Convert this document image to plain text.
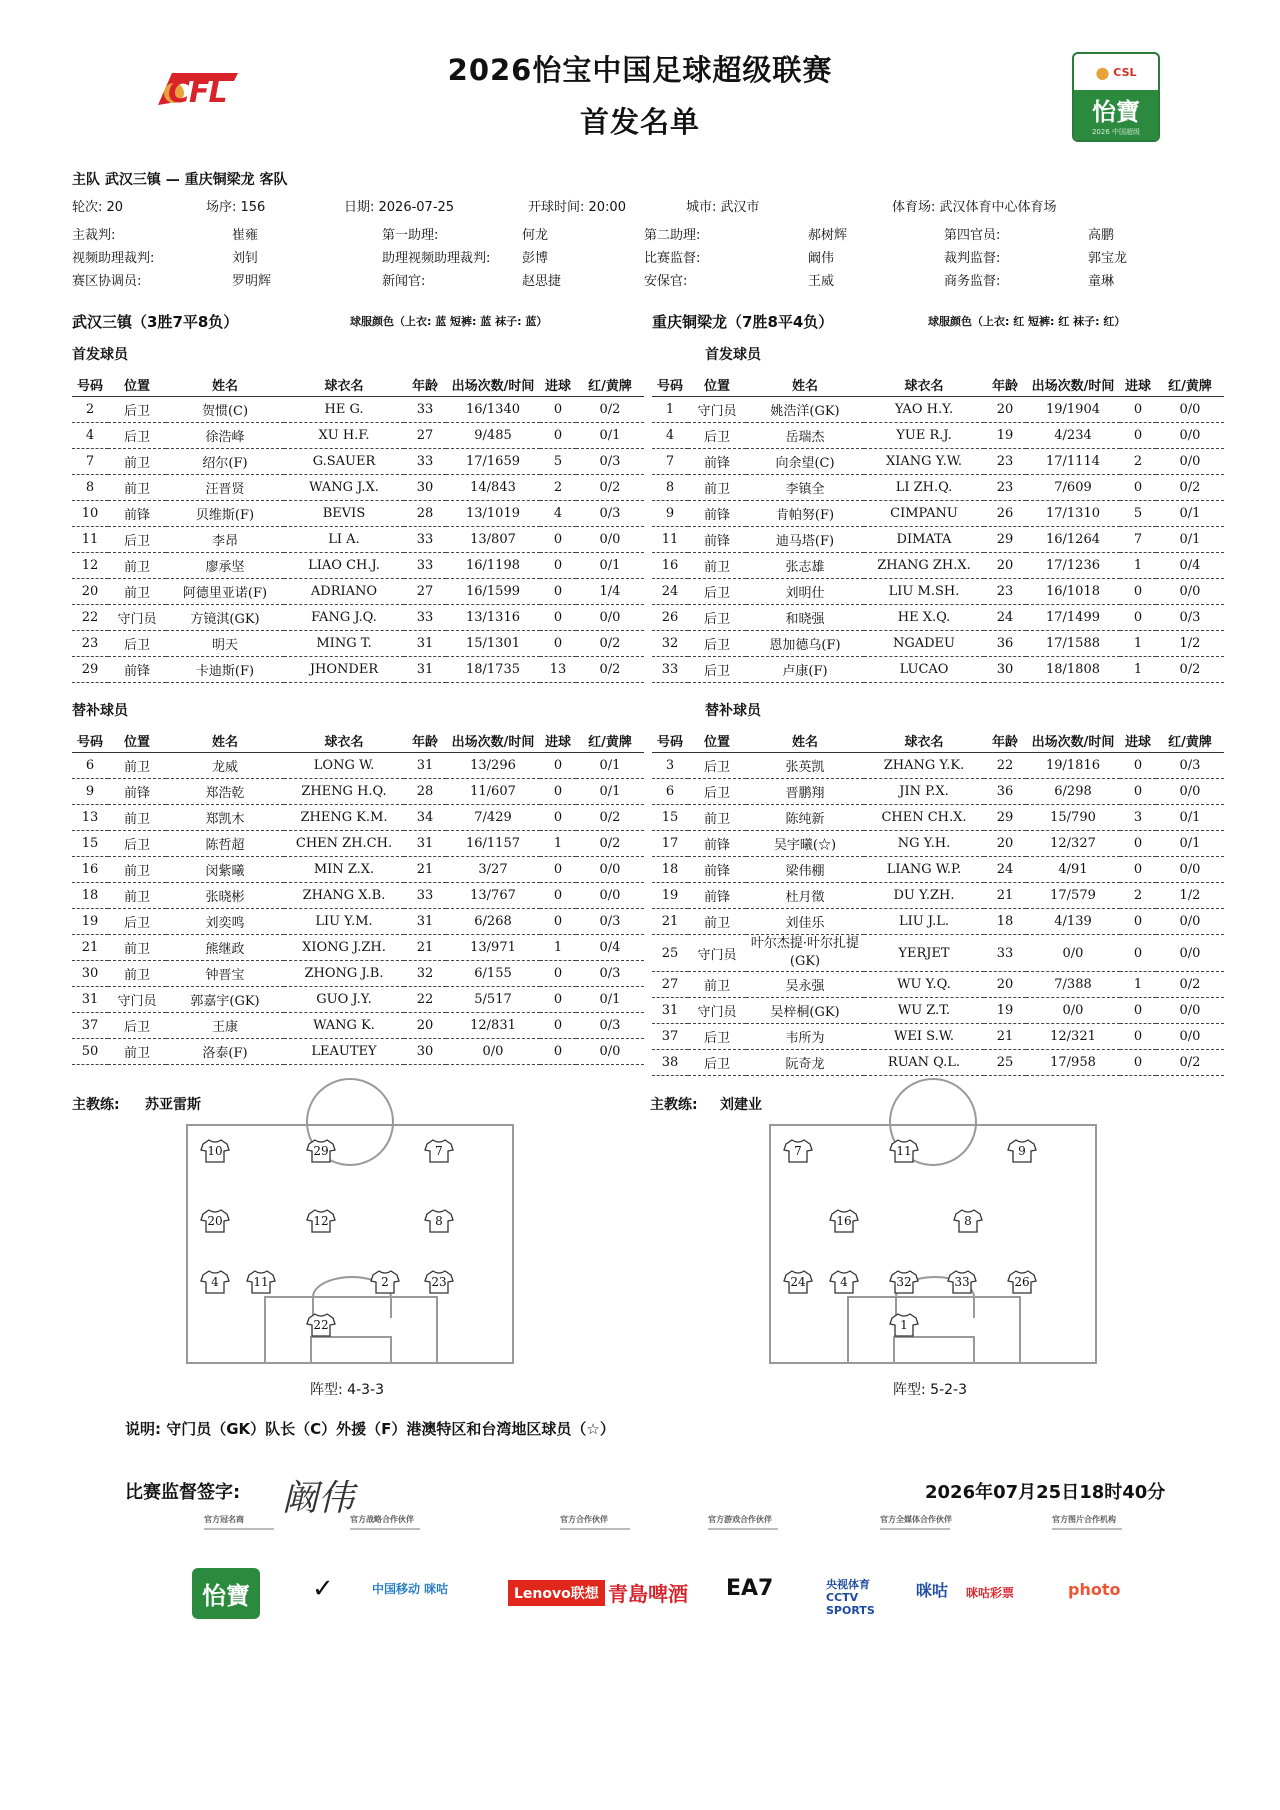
CFL
2026怡宝中国足球超级联赛
首发名单
●
CSL
怡寶
2026 中国超级
主队 武汉三镇 — 重庆铜梁龙 客队
轮次: 20	场序: 156	日期: 2026-07-25	开球时间: 20:00	城市: 武汉市	体育场: 武汉体育中心体育场
主裁判:	崔雍	第一助理:	何龙	第二助理:	郝树辉	第四官员:	高鹏
视频助理裁判:	刘钊	助理视频助理裁判: 彭博	比赛监督:	阚伟	裁判监督:	郭宝龙
赛区协调员:	罗明辉	新闻官:	赵思捷	安保官:	王威	商务监督:	童琳
武汉三镇（3胜7平8负）	球服颜色（上衣: 蓝 短裤: 蓝 袜子: 蓝）	重庆铜梁龙（7胜8平4负）	球服颜色（上衣: 红 短裤: 红 袜子: 红）
首发球员	首发球员
号码	位置	姓名	球衣名	年龄	出场次数/时间	进球	红/黄牌
2	后卫	贺惯(C)	HE G.	33	16/1340	0	0/2
4	后卫	徐浩峰	XU H.F.	27	9/485	0	0/1
7	前卫	绍尔(F)	G.SAUER	33	17/1659	5	0/3
8	前卫	汪晋贤	WANG J.X.	30	14/843	2	0/2
10	前锋	贝维斯(F)	BEVIS	28	13/1019	4	0/3
11	后卫	李昂	LI A.	33	13/807	0	0/0
12	前卫	廖承坚	LIAO CH.J.	33	16/1198	0	0/1
20	前卫	阿德里亚诺(F)	ADRIANO	27	16/1599	0	1/4
22	守门员	方镜淇(GK)	FANG J.Q.	33	13/1316	0	0/0
23	后卫	明天	MING T.	31	15/1301	0	0/2
29	前锋	卡迪斯(F)	JHONDER	31	18/1735	13	0/2
号码	位置	姓名	球衣名	年龄	出场次数/时间	进球	红/黄牌
1	守门员	姚浩洋(GK)	YAO H.Y.	20	19/1904	0	0/0
4	后卫	岳瑞杰	YUE R.J.	19	4/234	0	0/0
7	前锋	向余望(C)	XIANG Y.W.	23	17/1114	2	0/0
8	前卫	李镇全	LI ZH.Q.	23	7/609	0	0/2
9	前锋	肯帕努(F)	CIMPANU	26	17/1310	5	0/1
11	前锋	迪马塔(F)	DIMATA	29	16/1264	7	0/1
16	前卫	张志雄	ZHANG ZH.X.	20	17/1236	1	0/4
24	后卫	刘明仕	LIU M.SH.	23	16/1018	0	0/0
26	后卫	和晓强	HE X.Q.	24	17/1499	0	0/3
32	后卫	恩加德乌(F)	NGADEU	36	17/1588	1	1/2
33	后卫	卢康(F)	LUCAO	30	18/1808	1	0/2
替补球员	替补球员
号码	位置	姓名	球衣名	年龄	出场次数/时间	进球	红/黄牌
6	前卫	龙威	LONG W.	31	13/296	0	0/1
9	前锋	郑浩乾	ZHENG H.Q.	28	11/607	0	0/1
13	前卫	郑凯木	ZHENG K.M.	34	7/429	0	0/2
15	后卫	陈哲超	CHEN ZH.CH.	31	16/1157	1	0/2
16	前卫	闵紫曦	MIN Z.X.	21	3/27	0	0/0
18	前卫	张晓彬	ZHANG X.B.	33	13/767	0	0/0
19	后卫	刘奕鸣	LIU Y.M.	31	6/268	0	0/3
21	前卫	熊继政	XIONG J.ZH.	21	13/971	1	0/4
30	前卫	钟晋宝	ZHONG J.B.	32	6/155	0	0/3
31	守门员	郭嘉宇(GK)	GUO J.Y.	22	5/517	0	0/1
37	后卫	王康	WANG K.	20	12/831	0	0/3
50	前卫	洛泰(F)	LEAUTEY	30	0/0	0	0/0
号码	位置	姓名	球衣名	年龄	出场次数/时间	进球	红/黄牌
3	后卫	张英凯	ZHANG Y.K.	22	19/1816	0	0/3
6	后卫	晋鹏翔	JIN P.X.	36	6/298	0	0/0
15	前卫	陈纯新	CHEN CH.X.	29	15/790	3	0/1
17	前锋	吴宇曦(☆)	NG Y.H.	20	12/327	0	0/1
18	前锋	梁伟棚	LIANG W.P.	24	4/91	0	0/0
19	前锋	杜月徵	DU Y.ZH.	21	17/579	2	1/2
21	前卫	刘佳乐	LIU J.L.	18	4/139	0	0/0
25	守门员	叶尔杰提·叶尔扎提(GK)	YERJET	33	0/0	0	0/0
27	前卫	吴永强	WU Y.Q.	20	7/388	1	0/2
31	守门员	吴梓桐(GK)	WU Z.T.	19	0/0	0	0/0
37	后卫	韦所为	WEI S.W.	21	12/321	0	0/0
38	后卫	阮奇龙	RUAN Q.L.	25	17/958	0	0/2
主教练: 苏亚雷斯	主教练: 刘建业
10	29	7
20	12	8
4	11	2	23
22
阵型: 4-3-3
7	11	9
16	8
24	4	32	33	26
1
阵型: 5-2-3
说明: 守门员（GK）队长（C）外援（F）港澳特区和台湾地区球员（☆）
比赛监督签字: 阚伟	2026年07月25日18时40分
官方冠名商	官方战略合作伙伴	官方合作伙伴	官方游戏合作伙伴	官方全媒体合作伙伴	官方图片合作机构
怡寶	✓	中国移动 咪咕	Lenovo联想 青島啤酒 EA7	央视体育 CCTV SPORTS
咪咕 咪咕彩票	photo
